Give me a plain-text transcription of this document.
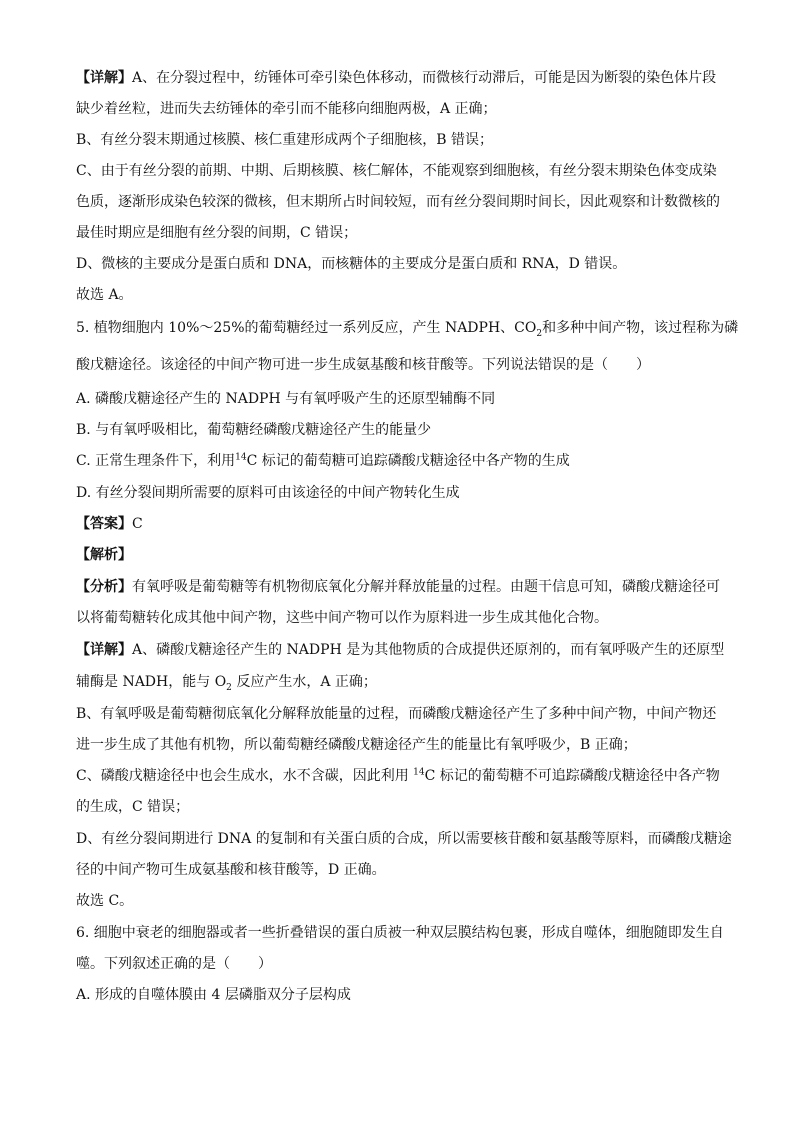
【详解】A、在分裂过程中，纺锤体可牵引染色体移动，而微核行动滞后，可能是因为断裂的染色体片段
缺少着丝粒，进而失去纺锤体的牵引而不能移向细胞两极，A 正确；
B、有丝分裂末期通过核膜、核仁重建形成两个子细胞核，B 错误；
C、由于有丝分裂的前期、中期、后期核膜、核仁解体，不能观察到细胞核，有丝分裂末期染色体变成染
色质，逐渐形成染色较深的微核，但末期所占时间较短，而有丝分裂间期时间长，因此观察和计数微核的
最佳时期应是细胞有丝分裂的间期，C 错误；
D、微核的主要成分是蛋白质和 DNA，而核糖体的主要成分是蛋白质和 RNA，D 错误。
故选 A。
5. 植物细胞内 10%～25%的葡萄糖经过一系列反应，产生 NADPH、$CO_2$和多种中间产物，该过程称为磷
酸戊糖途径。该途径的中间产物可进一步生成氨基酸和核苷酸等。下列说法错误的是（　　）
A. 磷酸戊糖途径产生的 NADPH 与有氧呼吸产生的还原型辅酶不同
B. 与有氧呼吸相比，葡萄糖经磷酸戊糖途径产生的能量少
C. 正常生理条件下，利用$^{14}$C 标记的葡萄糖可追踪磷酸戊糖途径中各产物的生成
D. 有丝分裂间期所需要的原料可由该途径的中间产物转化生成
【答案】C
【解析】
【分析】有氧呼吸是葡萄糖等有机物彻底氧化分解并释放能量的过程。由题干信息可知，磷酸戊糖途径可
以将葡萄糖转化成其他中间产物，这些中间产物可以作为原料进一步生成其他化合物。
【详解】A、磷酸戊糖途径产生的 NADPH 是为其他物质的合成提供还原剂的，而有氧呼吸产生的还原型
辅酶是 NADH，能与 $O_2$ 反应产生水，A 正确；
B、有氧呼吸是葡萄糖彻底氧化分解释放能量的过程，而磷酸戊糖途径产生了多种中间产物，中间产物还
进一步生成了其他有机物，所以葡萄糖经磷酸戊糖途径产生的能量比有氧呼吸少，B 正确；
C、磷酸戊糖途径中也会生成水，水不含碳，因此利用 $^{14}$C 标记的葡萄糖不可追踪磷酸戊糖途径中各产物
的生成，C 错误；
D、有丝分裂间期进行 DNA 的复制和有关蛋白质的合成，所以需要核苷酸和氨基酸等原料，而磷酸戊糖途
径的中间产物可生成氨基酸和核苷酸等，D 正确。
故选 C。
6. 细胞中衰老的细胞器或者一些折叠错误的蛋白质被一种双层膜结构包裹，形成自噬体，细胞随即发生自
噬。下列叙述正确的是（　　）
A. 形成的自噬体膜由 4 层磷脂双分子层构成
